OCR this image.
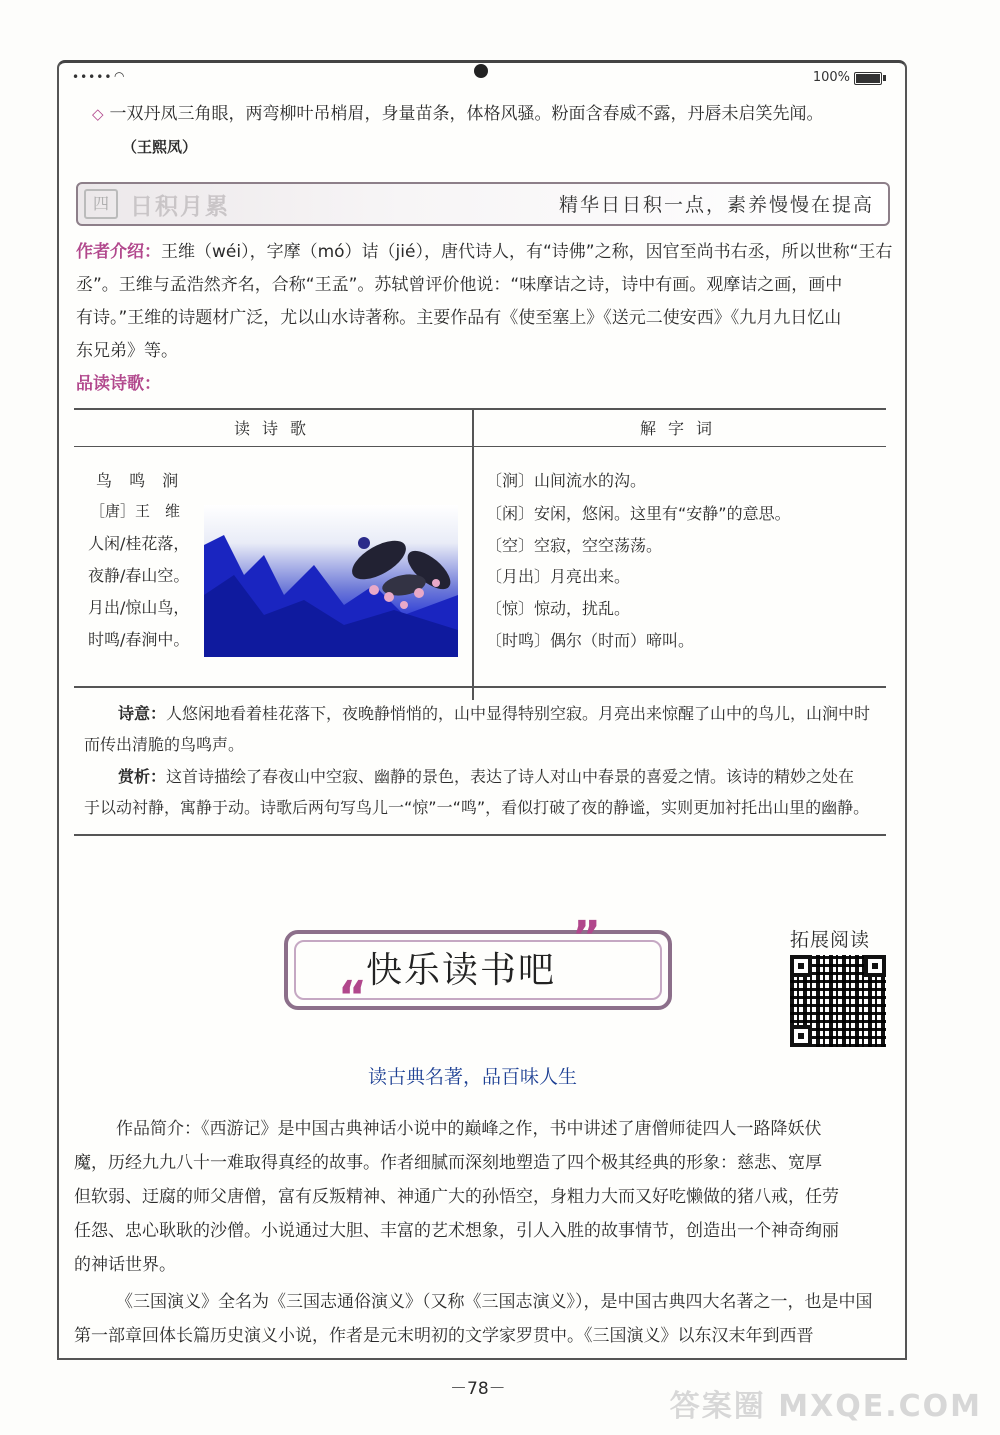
••••• ◠	100%
◇ 一双丹凤三角眼，两弯柳叶吊梢眉，身量苗条，体格风骚。粉面含春威不露，丹唇未启笑先闻。
（王熙凤）
四 日积月累	精华日日积一点，素养慢慢在提高
作者介绍：王维（wéi），字摩（mó）诘（jié），唐代诗人，有“诗佛”之称，因官至尚书右丞，所以世称“王右
丞”。王维与孟浩然齐名，合称“王孟”。苏轼曾评价他说：“味摩诘之诗，诗中有画。观摩诘之画，画中
有诗。”王维的诗题材广泛，尤以山水诗著称。主要作品有《使至塞上》《送元二使安西》《九月九日忆山
东兄弟》等。
品读诗歌：
读诗歌	解字词
鸟 鸣 涧
［唐］王　维
人闲/桂花落，
夜静/春山空。
月出/惊山鸟，
时鸣/春涧中。
〔涧〕山间流水的沟。
〔闲〕安闲，悠闲。这里有“安静”的意思。
〔空〕空寂，空空荡荡。
〔月出〕月亮出来。
〔惊〕惊动，扰乱。
〔时鸣〕偶尔（时而）啼叫。
诗意：人悠闲地看着桂花落下，夜晚静悄悄的，山中显得特别空寂。月亮出来惊醒了山中的鸟儿，山涧中时
而传出清脆的鸟鸣声。
赏析：这首诗描绘了春夜山中空寂、幽静的景色，表达了诗人对山中春景的喜爱之情。该诗的精妙之处在
于以动衬静，寓静于动。诗歌后两句写鸟儿一“惊”一“鸣”，看似打破了夜的静谧，实则更加衬托出山里的幽静。
”
“
快乐读书吧
拓展阅读
读古典名著，品百味人生
作品简介：《西游记》是中国古典神话小说中的巅峰之作，书中讲述了唐僧师徒四人一路降妖伏
魔，历经九九八十一难取得真经的故事。作者细腻而深刻地塑造了四个极其经典的形象：慈悲、宽厚
但软弱、迂腐的师父唐僧，富有反叛精神、神通广大的孙悟空，身粗力大而又好吃懒做的猪八戒，任劳
任怨、忠心耿耿的沙僧。小说通过大胆、丰富的艺术想象，引人入胜的故事情节，创造出一个神奇绚丽
的神话世界。
《三国演义》全名为《三国志通俗演义》（又称《三国志演义》），是中国古典四大名著之一，也是中国
第一部章回体长篇历史演义小说，作者是元末明初的文学家罗贯中。《三国演义》以东汉末年到西晋
－78－	答案圈 MXQE.COM
